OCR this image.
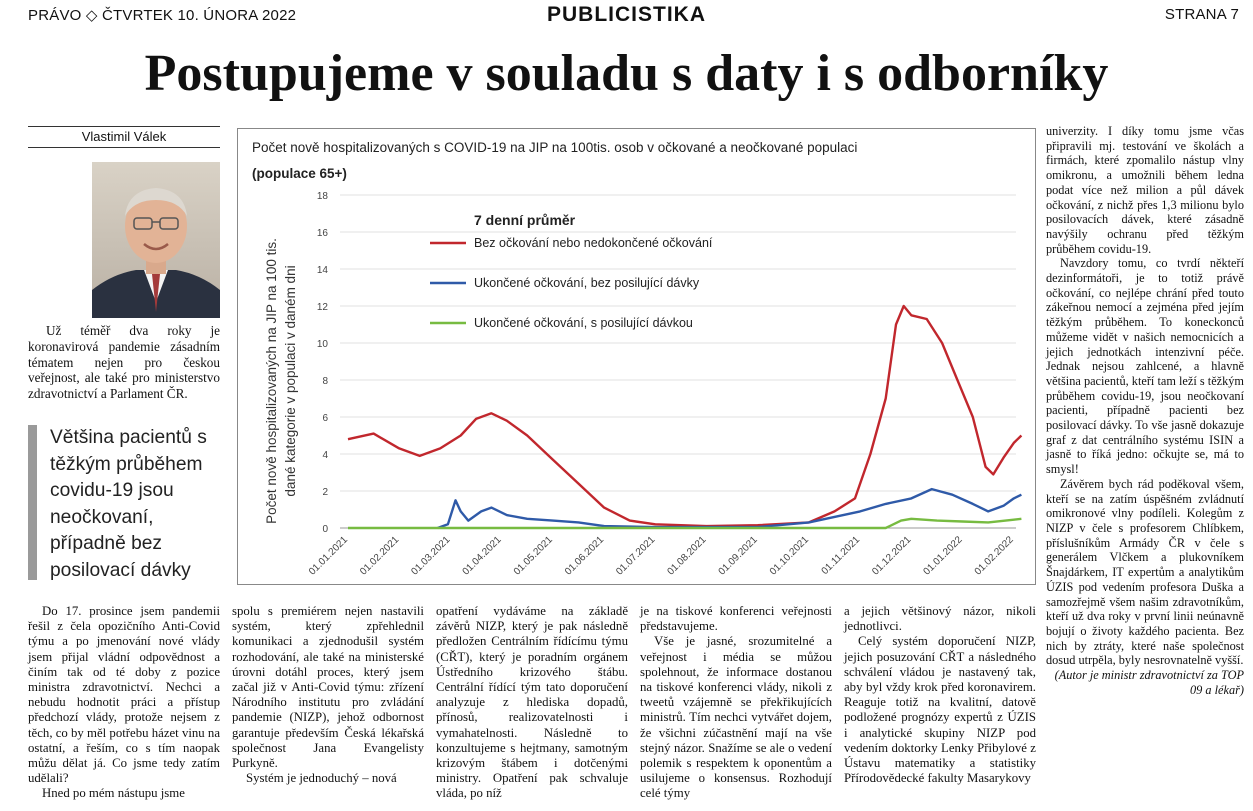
PRÁVO ◇ ČTVRTEK 10. ÚNORA 2022	PUBLICISTIKA	STRANA 7
Postupujeme v souladu s daty i s odborníky
Vlastimil Válek

Už téměř dva roky je koronavirová pandemie zásadním tématem nejen pro českou veřejnost, ale také pro ministerstvo zdravotnictví a Parlament ČR.

Většina pacientů s těžkým průběhem covidu-19 jsou neočkovaní, případně bez posilovací dávky
Počet nově hospitalizovaných s COVID-19 na JIP na 100tis. osob v očkované a neočkované populaci
(populace 65+)
Počet nově hospitalizovaných na JIP na 100 tis. dané kategorie v populaci v daném dni
0
2
4
6
8
10
12
14
16
18
01.01.2021 01.02.2021 01.03.2021 01.04.2021 01.05.2021 01.06.2021 01.07.2021 01.08.2021 01.09.2021 01.10.2021 01.11.2021 01.12.2021 01.01.2022 01.02.2022
7 denní průměr
Bez očkování nebo nedokončené očkování
Ukončené očkování, bez posilující dávky
Ukončené očkování, s posilující dávkou

Do 17. prosince jsem pandemii řešil z čela opozičního Anti-Covid týmu a po jmenování nové vlády jsem přijal vládní odpovědnost a činím tak od té doby z pozice ministra zdravotnictví. Nechci a nebudu hodnotit práci a přístup předchozí vlády, protože nejsem z těch, co by měl potřebu házet vinu na ostatní, a řeším, co s tím naopak můžu dělat já. Co jsme tedy zatím udělali?

Hned po mém nástupu jsme

spolu s premiérem nejen nastavili systém, který zpřehlednil komunikaci a zjednodušil systém rozhodování, ale také na ministerské úrovni dotáhl proces, který jsem začal již v Anti-Covid týmu: zřízení Národního institutu pro zvládání pandemie (NIZP), jehož odbornost garantuje především Česká lékařská společnost Jana Evangelisty Purkyně.

Systém je jednoduchý – nová

opatření vydáváme na základě závěrů NIZP, který je pak následně předložen Centrálním řídícímu týmu (CŘT), který je poradním orgánem Ústředního krizového štábu. Centrální řídící tým tato doporučení analyzuje z hlediska dopadů, přínosů, realizovatelnosti i vymahatelnosti. Následně to konzultujeme s hejtmany, samotným krizovým štábem i dotčenými ministry. Opatření pak schvaluje vláda, po níž

je na tiskové konferenci veřejnosti představujeme.

Vše je jasné, srozumitelné a veřejnost i média se můžou spolehnout, že informace dostanou na tiskové konferenci vlády, nikoli z tweetů vzájemně se překřikujících ministrů. Tím nechci vytvářet dojem, že všichni zúčastnění mají na vše stejný názor. Snažíme se ale o vedení polemik s respektem k oponentům a usilujeme o konsensus. Rozhodují celé týmy

a jejich většinový názor, nikoli jednotlivci.

Celý systém doporučení NIZP, jejich posuzování CŘT a následného schválení vládou je nastavený tak, aby byl vždy krok před koronavirem. Reaguje totiž na kvalitní, datově podložené prognózy expertů z ÚZIS i analytické skupiny NIZP pod vedením doktorky Lenky Přibylové z Ústavu matematiky a statistiky Přírodovědecké fakulty Masarykovy

univerzity. I díky tomu jsme včas připravili mj. testování ve školách a firmách, které zpomalilo nástup vlny omikronu, a umožnili během ledna podat více než milion a půl dávek očkování, z nichž přes 1,3 milionu bylo posilovacích dávek, které zásadně navýšily ochranu před těžkým průběhem covidu-19.

Navzdory tomu, co tvrdí někteří dezinformátoři, je to totiž právě očkování, co nejlépe chrání před touto zákeřnou nemocí a zejména před jejím těžkým průběhem. To koneckonců můžeme vidět v našich nemocnicích a jejich jednotkách intenzivní péče. Jednak nejsou zahlcené, a hlavně většina pacientů, kteří tam leží s těžkým průběhem covidu-19, jsou neočkovaní pacienti, případně pacienti bez posilovací dávky. To vše jasně dokazuje graf z dat centrálního systému ISIN a jasně to říká jedno: očkujte se, má to smysl!

Závěrem bych rád poděkoval všem, kteří se na zatím úspěšném zvládnutí omikronové vlny podíleli. Kolegům z NIZP v čele s profesorem Chlíbkem, příslušníkům Armády ČR v čele s generálem Vlčkem a plukovníkem Šnajdárkem, IT expertům a analytikům ÚZIS pod vedením profesora Duška a samozřejmě všem našim zdravotníkům, kteří už dva roky v první linii neúnavně bojují o životy každého pacienta. Bez nich by ztráty, které naše společnost dosud utrpěla, byly nesrovnatelně vyšší.

(Autor je ministr zdravotnictví za TOP 09 a lékař)
